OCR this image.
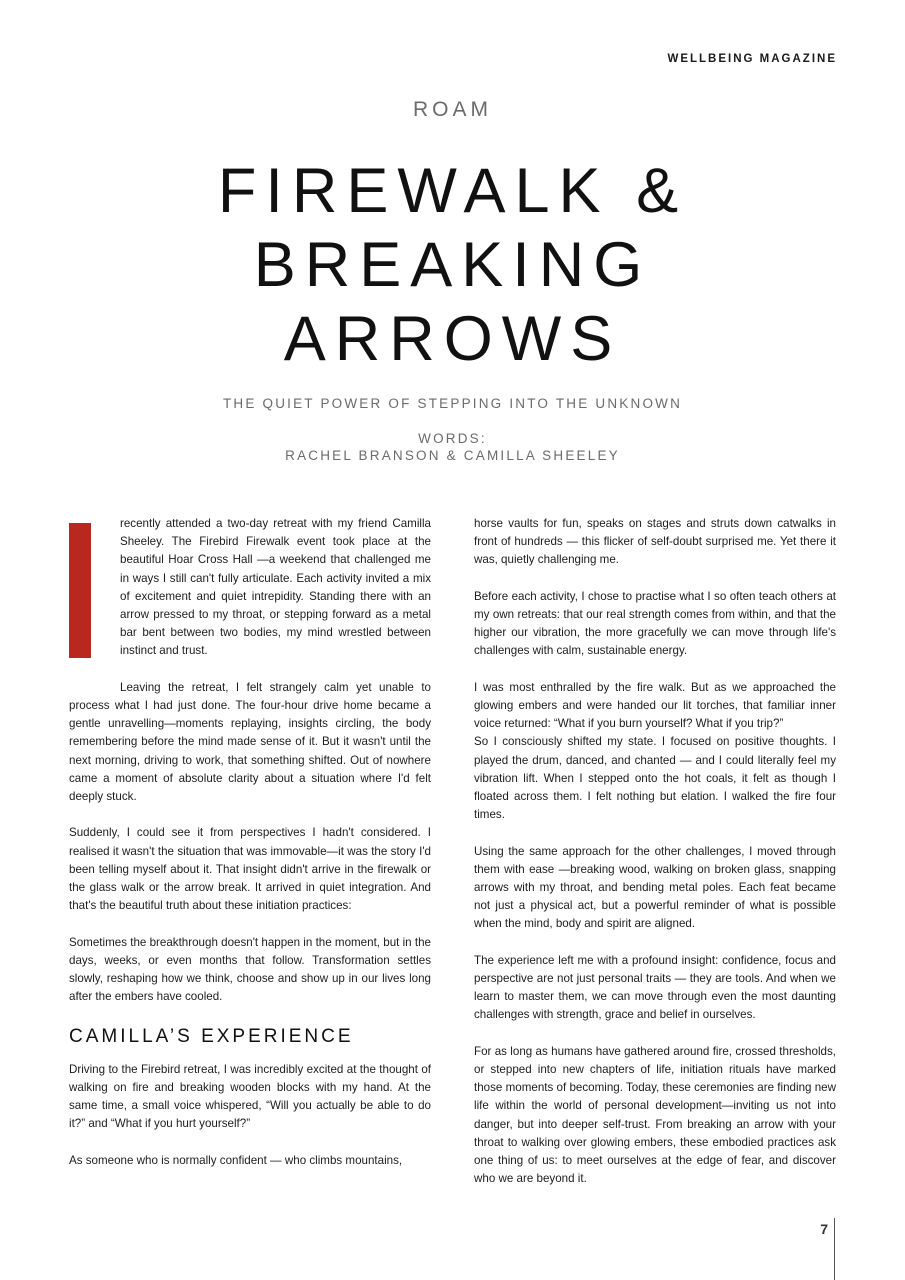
WELLBEING MAGAZINE
ROAM
FIREWALK &
BREAKING
ARROWS
THE QUIET POWER OF STEPPING INTO THE UNKNOWN
WORDS:
RACHEL BRANSON & CAMILLA SHEELEY

recently attended a two-day retreat with my friend Camilla Sheeley. The Firebird Firewalk event took place at the beautiful Hoar Cross Hall —a weekend that challenged me in ways I still can't fully articulate. Each activity invited a mix of excitement and quiet intrepidity. Standing there with an arrow pressed to my throat, or stepping forward as a metal bar bent between two bodies, my mind wrestled between instinct and trust.

Leaving the retreat, I felt strangely calm yet unable to process what I had just done. The four-hour drive home became a gentle unravelling—moments replaying, insights circling, the body remembering before the mind made sense of it. But it wasn't until the next morning, driving to work, that something shifted. Out of nowhere came a moment of absolute clarity about a situation where I'd felt deeply stuck.

Suddenly, I could see it from perspectives I hadn't considered. I realised it wasn't the situation that was immovable—it was the story I'd been telling myself about it. That insight didn't arrive in the firewalk or the glass walk or the arrow break. It arrived in quiet integration. And that's the beautiful truth about these initiation practices:

Sometimes the breakthrough doesn't happen in the moment, but in the days, weeks, or even months that follow. Transformation settles slowly, reshaping how we think, choose and show up in our lives long after the embers have cooled.

CAMILLA’S EXPERIENCE

Driving to the Firebird retreat, I was incredibly excited at the thought of walking on fire and breaking wooden blocks with my hand. At the same time, a small voice whispered, “Will you actually be able to do it?” and “What if you hurt yourself?”

As someone who is normally confident — who climbs mountains,

horse vaults for fun, speaks on stages and struts down catwalks in front of hundreds — this flicker of self-doubt surprised me. Yet there it was, quietly challenging me.

Before each activity, I chose to practise what I so often teach others at my own retreats: that our real strength comes from within, and that the higher our vibration, the more gracefully we can move through life's challenges with calm, sustainable energy.

I was most enthralled by the fire walk. But as we approached the glowing embers and were handed our lit torches, that familiar inner voice returned: “What if you burn yourself? What if you trip?”

So I consciously shifted my state. I focused on positive thoughts. I played the drum, danced, and chanted — and I could literally feel my vibration lift. When I stepped onto the hot coals, it felt as though I floated across them. I felt nothing but elation. I walked the fire four times.

Using the same approach for the other challenges, I moved through them with ease —breaking wood, walking on broken glass, snapping arrows with my throat, and bending metal poles. Each feat became not just a physical act, but a powerful reminder of what is possible when the mind, body and spirit are aligned.

The experience left me with a profound insight: confidence, focus and perspective are not just personal traits — they are tools. And when we learn to master them, we can move through even the most daunting challenges with strength, grace and belief in ourselves.

For as long as humans have gathered around fire, crossed thresholds, or stepped into new chapters of life, initiation rituals have marked those moments of becoming. Today, these ceremonies are finding new life within the world of personal development—inviting us not into danger, but into deeper self-trust. From breaking an arrow with your throat to walking over glowing embers, these embodied practices ask one thing of us: to meet ourselves at the edge of fear, and discover who we are beyond it.

7
